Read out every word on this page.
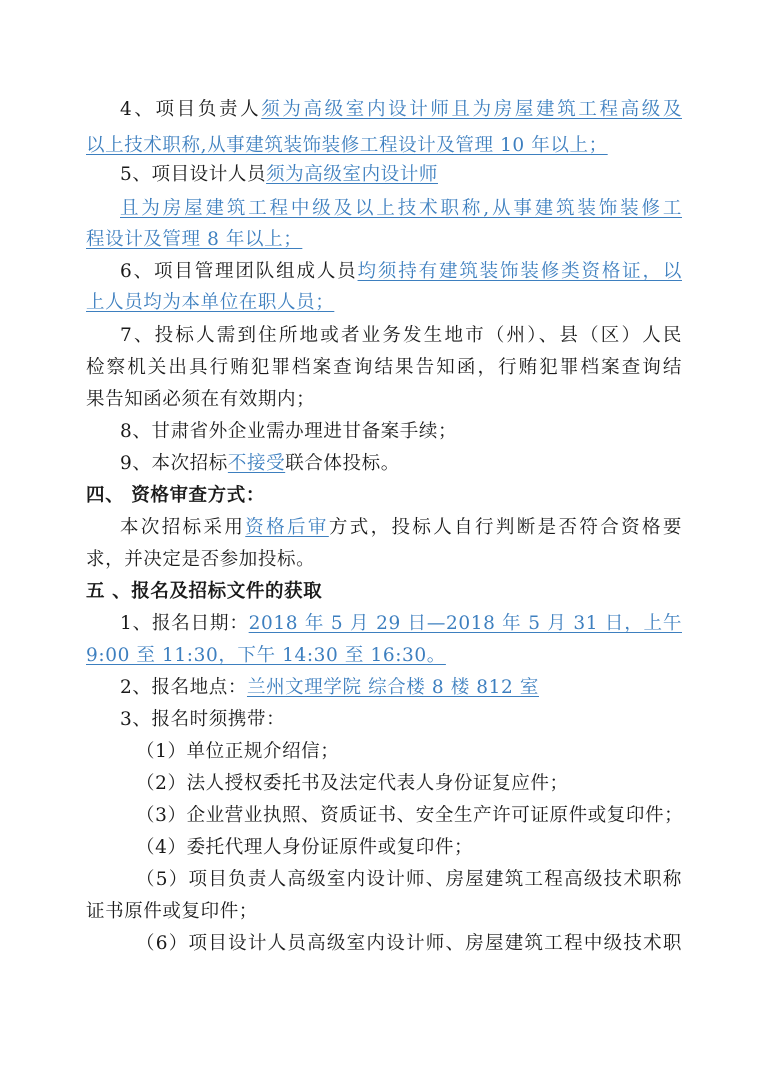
4、项目负责人须为高级室内设计师且为房屋建筑工程高级及
以上技术职称,从事建筑装饰装修工程设计及管理 10 年以上；
5、项目设计人员须为高级室内设计师
且为房屋建筑工程中级及以上技术职称,从事建筑装饰装修工
程设计及管理 8 年以上；
6、项目管理团队组成人员均须持有建筑装饰装修类资格证，以
上人员均为本单位在职人员；
7、投标人需到住所地或者业务发生地市（州）、县（区）人民
检察机关出具行贿犯罪档案查询结果告知函，行贿犯罪档案查询结
果告知函必须在有效期内；
8、甘肃省外企业需办理进甘备案手续；
9、本次招标不接受联合体投标。
四、 资格审查方式：
本次招标采用资格后审方式，投标人自行判断是否符合资格要
求，并决定是否参加投标。
五 、报名及招标文件的获取
1、报名日期：2018 年 5 月 29 日—2018 年 5 月 31 日，上午
9:00 至 11:30，下午 14:30 至 16:30。
2、报名地点：兰州文理学院 综合楼 8 楼 812 室
3、报名时须携带：
（1）单位正规介绍信；
（2）法人授权委托书及法定代表人身份证复应件；
（3）企业营业执照、资质证书、安全生产许可证原件或复印件；
（4）委托代理人身份证原件或复印件；
（5）项目负责人高级室内设计师、房屋建筑工程高级技术职称
证书原件或复印件；
（6）项目设计人员高级室内设计师、房屋建筑工程中级技术职
